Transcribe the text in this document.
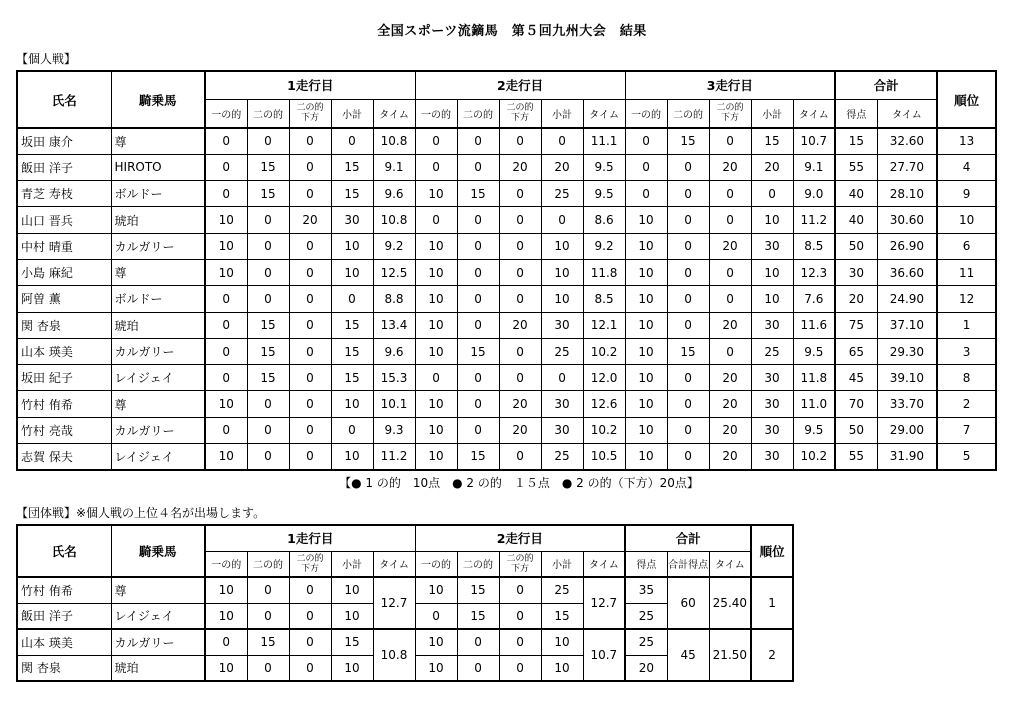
全国スポーツ流鏑馬　第５回九州大会　結果
【個人戦】
氏名	騎乗馬	1走行目					2走行目					3走行目					合計		順位
		一の的	二の的	二の的
下方	小計	タイム	一の的	二の的	二の的
下方	小計	タイム	一の的	二の的	二の的
下方	小計	タイム	得点	タイム	
坂田 康介	尊	0	0	0	0	10.8	0	0	0	0	11.1	0	15	0	15	10.7	15	32.60	13
飯田 洋子	HIROTO	0	15	0	15	9.1	0	0	20	20	9.5	0	0	20	20	9.1	55	27.70	4
青芝 寿枝	ボルドー	0	15	0	15	9.6	10	15	0	25	9.5	0	0	0	0	9.0	40	28.10	9
山口 晋兵	琥珀	10	0	20	30	10.8	0	0	0	0	8.6	10	0	0	10	11.2	40	30.60	10
中村 晴重	カルガリー	10	0	0	10	9.2	10	0	0	10	9.2	10	0	20	30	8.5	50	26.90	6
小島 麻紀	尊	10	0	0	10	12.5	10	0	0	10	11.8	10	0	0	10	12.3	30	36.60	11
阿曽 薫	ボルドー	0	0	0	0	8.8	10	0	0	10	8.5	10	0	0	10	7.6	20	24.90	12
関 杏泉	琥珀	0	15	0	15	13.4	10	0	20	30	12.1	10	0	20	30	11.6	75	37.10	1
山本 瑛美	カルガリー	0	15	0	15	9.6	10	15	0	25	10.2	10	15	0	25	9.5	65	29.30	3
坂田 紀子	レイジェイ	0	15	0	15	15.3	0	0	0	0	12.0	10	0	20	30	11.8	45	39.10	8
竹村 侑希	尊	10	0	0	10	10.1	10	0	20	30	12.6	10	0	20	30	11.0	70	33.70	2
竹村 亮哉	カルガリー	0	0	0	0	9.3	10	0	20	30	10.2	10	0	20	30	9.5	50	29.00	7
志賀 保夫	レイジェイ	10	0	0	10	11.2	10	15	0	25	10.5	10	0	20	30	10.2	55	31.90	5
【● 1 の的　10点　● 2 の的　１５点　● 2 の的（下方）20点】
【団体戦】※個人戦の上位４名が出場します。
氏名	騎乗馬	1走行目					2走行目					合計			順位
		一の的	二の的	二の的
下方	小計	タイム	一の的	二の的	二の的
下方	小計	タイム	得点	合計得点	タイム	
竹村 侑希	尊	10	0	0	10	12.7	10	15	0	25	12.7	35	60	25.40	1
飯田 洋子	レイジェイ	10	0	0	10		0	15	0	15		25			
山本 瑛美	カルガリー	0	15	0	15	10.8	10	0	0	10	10.7	25	45	21.50	2
関 杏泉	琥珀	10	0	0	10		10	0	0	10		20			
